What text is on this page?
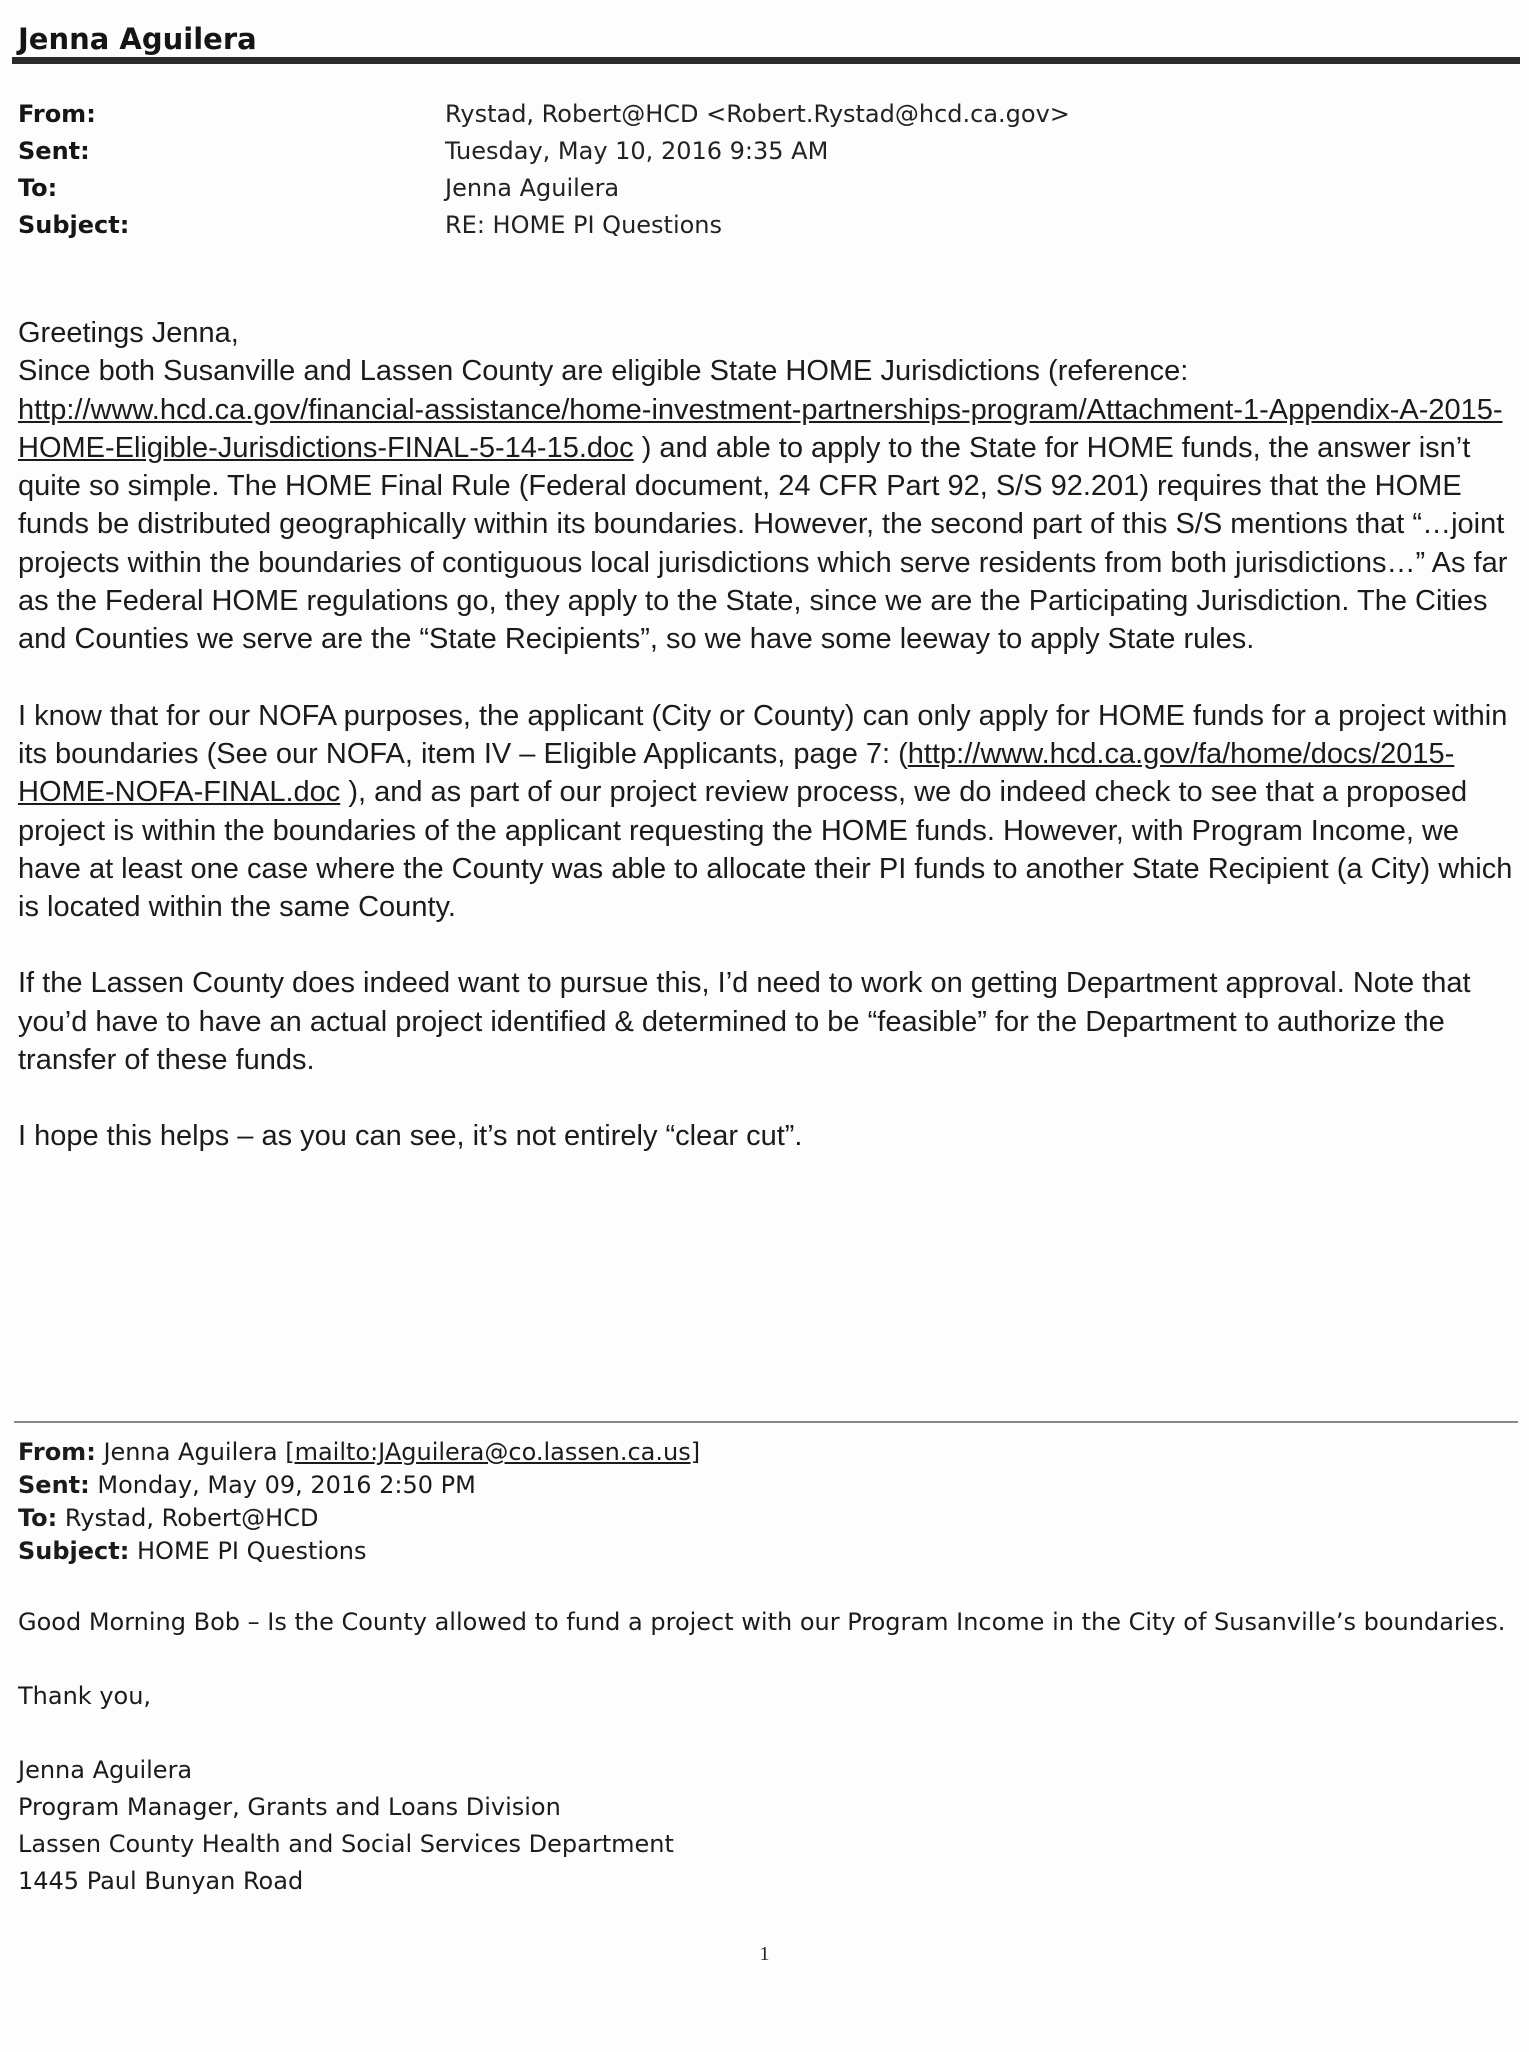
Jenna Aguilera
From:	Rystad, Robert@HCD <Robert.Rystad@hcd.ca.gov>
Sent:	Tuesday, May 10, 2016 9:35 AM
To:	Jenna Aguilera
Subject:	RE: HOME PI Questions
Greetings Jenna,

Since both Susanville and Lassen County are eligible State HOME Jurisdictions (reference: http://www.hcd.ca.gov/financial-assistance/home-investment-partnerships-program/Attachment-1-Appendix-A-2015-HOME-Eligible-Jurisdictions-FINAL-5-14-15.doc ) and able to apply to the State for HOME funds, the answer isn’t quite so simple. The HOME Final Rule (Federal document, 24 CFR Part 92, S/S 92.201) requires that the HOME funds be distributed geographically within its boundaries. However, the second part of this S/S mentions that “…joint projects within the boundaries of contiguous local jurisdictions which serve residents from both jurisdictions…” As far as the Federal HOME regulations go, they apply to the State, since we are the Participating Jurisdiction. The Cities and Counties we serve are the “State Recipients”, so we have some leeway to apply State rules.

I know that for our NOFA purposes, the applicant (City or County) can only apply for HOME funds for a project within its boundaries (See our NOFA, item IV – Eligible Applicants, page 7: (http://www.hcd.ca.gov/fa/home/docs/2015-HOME-NOFA-FINAL.doc ), and as part of our project review process, we do indeed check to see that a proposed project is within the boundaries of the applicant requesting the HOME funds. However, with Program Income, we have at least one case where the County was able to allocate their PI funds to another State Recipient (a City) which is located within the same County.

If the Lassen County does indeed want to pursue this, I’d need to work on getting Department approval. Note that you’d have to have an actual project identified & determined to be “feasible” for the Department to authorize the transfer of these funds.

I hope this helps – as you can see, it’s not entirely “clear cut”.

From: Jenna Aguilera [mailto:JAguilera@co.lassen.ca.us]
Sent: Monday, May 09, 2016 2:50 PM
To: Rystad, Robert@HCD
Subject: HOME PI Questions

Good Morning Bob – Is the County allowed to fund a project with our Program Income in the City of Susanville’s boundaries.

Thank you,

Jenna Aguilera
Program Manager, Grants and Loans Division
Lassen County Health and Social Services Department
1445 Paul Bunyan Road
1
